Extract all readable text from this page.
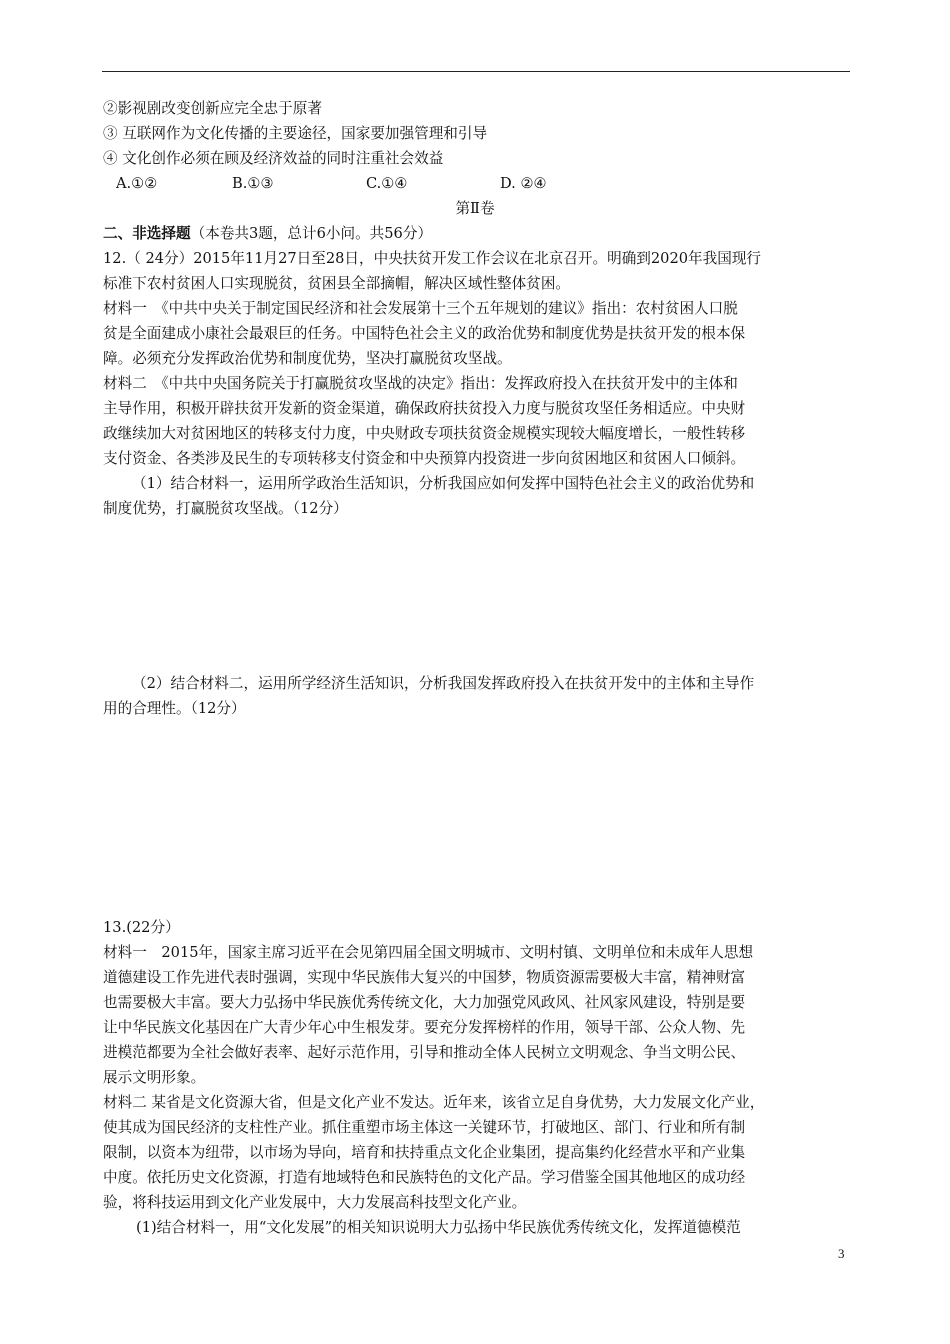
②影视剧改变创新应完全忠于原著
③ 互联网作为文化传播的主要途径，国家要加强管理和引导
④ 文化创作必须在顾及经济效益的同时注重社会效益
A.①②	B.①③	C.①④	D. ②④
第Ⅱ卷
二、非选择题（本卷共3题，总计6小问。共56分）
12.（ 24分）2015年11月27日至28日，中央扶贫开发工作会议在北京召开。明确到2020年我国现行
标准下农村贫困人口实现脱贫，贫困县全部摘帽，解决区域性整体贫困。
材料一　《中共中央关于制定国民经济和社会发展第十三个五年规划的建议》指出：农村贫困人口脱
贫是全面建成小康社会最艰巨的任务。中国特色社会主义的政治优势和制度优势是扶贫开发的根本保
障。必须充分发挥政治优势和制度优势，坚决打赢脱贫攻坚战。
材料二　《中共中央国务院关于打赢脱贫攻坚战的决定》指出：发挥政府投入在扶贫开发中的主体和
主导作用，积极开辟扶贫开发新的资金渠道，确保政府扶贫投入力度与脱贫攻坚任务相适应。中央财
政继续加大对贫困地区的转移支付力度，中央财政专项扶贫资金规模实现较大幅度增长，一般性转移
支付资金、各类涉及民生的专项转移支付资金和中央预算内投资进一步向贫困地区和贫困人口倾斜。
（1）结合材料一，运用所学政治生活知识，分析我国应如何发挥中国特色社会主义的政治优势和
制度优势，打赢脱贫攻坚战。（12分）
（2）结合材料二，运用所学经济生活知识，分析我国发挥政府投入在扶贫开发中的主体和主导作
用的合理性。（12分）
13.(22分）
材料一　2015年，国家主席习近平在会见第四届全国文明城市、文明村镇、文明单位和未成年人思想
道德建设工作先进代表时强调，实现中华民族伟大复兴的中国梦，物质资源需要极大丰富，精神财富
也需要极大丰富。要大力弘扬中华民族优秀传统文化，大力加强党风政风、社风家风建设，特别是要
让中华民族文化基因在广大青少年心中生根发芽。要充分发挥榜样的作用，领导干部、公众人物、先
进模范都要为全社会做好表率、起好示范作用，引导和推动全体人民树立文明观念、争当文明公民、
展示文明形象。
材料二 某省是文化资源大省，但是文化产业不发达。近年来，该省立足自身优势，大力发展文化产业，
使其成为国民经济的支柱性产业。抓住重塑市场主体这一关键环节，打破地区、部门、行业和所有制
限制，以资本为纽带，以市场为导向，培育和扶持重点文化企业集团，提高集约化经营水平和产业集
中度。依托历史文化资源，打造有地域特色和民族特色的文化产品。学习借鉴全国其他地区的成功经
验，将科技运用到文化产业发展中，大力发展高科技型文化产业。
(1)结合材料一，用“文化发展”的相关知识说明大力弘扬中华民族优秀传统文化，发挥道德模范
3
